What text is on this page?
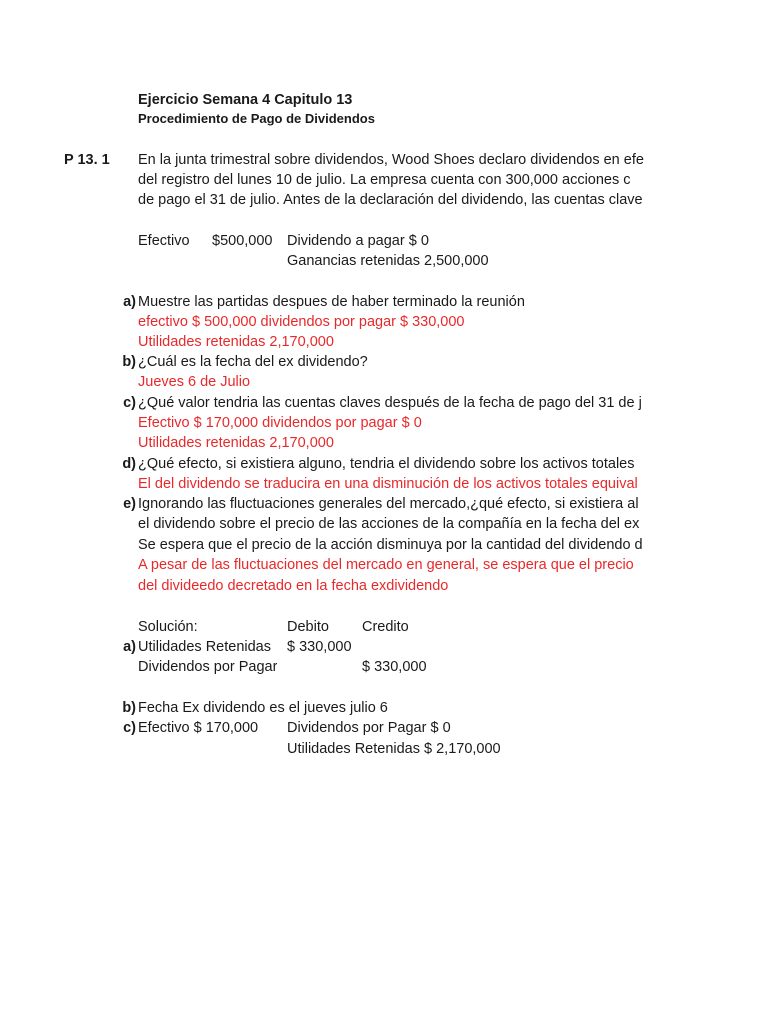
Ejercicio Semana 4 Capitulo 13
Procedimiento de Pago de Dividendos
P 13. 1 En la junta trimestral sobre dividendos, Wood Shoes declaro dividendos en efe
del registro del lunes 10 de julio. La empresa cuenta con 300,000 acciones c
de pago el 31 de julio. Antes de la declaración del dividendo, las cuentas clave
Efectivo $500,000 Dividendo a pagar $ 0
Ganancias retenidas 2,500,000
a) Muestre las partidas despues de haber terminado la reunión
efectivo $ 500,000 dividendos por pagar $ 330,000
Utilidades retenidas 2,170,000
b) ¿Cuál es la fecha del ex dividendo?
Jueves 6 de Julio
c) ¿Qué valor tendria las cuentas claves después de la fecha de pago del 31 de j
Efectivo $ 170,000 dividendos por pagar $ 0
Utilidades retenidas 2,170,000
d) ¿Qué efecto, si existiera alguno, tendria el dividendo sobre los activos totales
El del dividendo se traducira en una disminución de los activos totales equival
e) Ignorando las fluctuaciones generales del mercado,¿qué efecto, si existiera al
el dividendo sobre el precio de las acciones de la compañía en la fecha del ex
Se espera que el precio de la acción disminuya por la cantidad del dividendo d
A pesar de las fluctuaciones del mercado en general, se espera que el precio
del divideedo decretado en la fecha exdividendo
Solución:	Debito Credito
a) Utilidades Retenidas $ 330,000
Dividendos por Pagar	$ 330,000
b) Fecha Ex dividendo es el jueves julio 6
c) Efectivo $ 170,000 Dividendos por Pagar $ 0
Utilidades Retenidas $ 2,170,000
